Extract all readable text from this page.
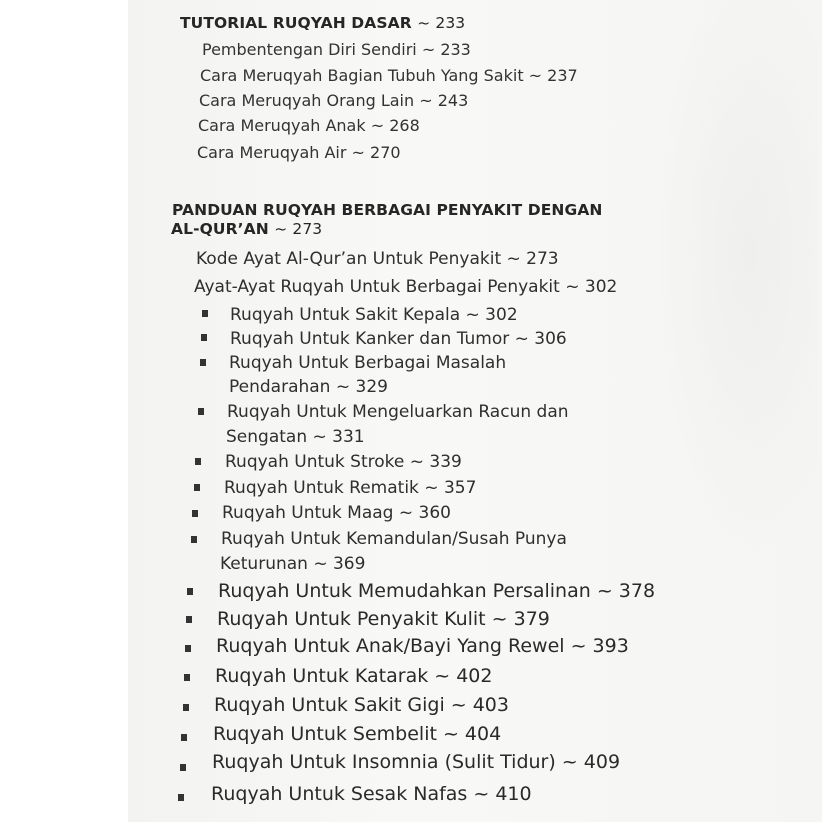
TUTORIAL RUQYAH DASAR ~ 233
Pembentengan Diri Sendiri ~ 233
Cara Meruqyah Bagian Tubuh Yang Sakit ~ 237
Cara Meruqyah Orang Lain ~ 243
Cara Meruqyah Anak ~ 268
Cara Meruqyah Air ~ 270
PANDUAN RUQYAH BERBAGAI PENYAKIT DENGAN
AL-QUR’AN ~ 273
Kode Ayat Al-Qur’an Untuk Penyakit ~ 273
Ayat-Ayat Ruqyah Untuk Berbagai Penyakit ~ 302
Ruqyah Untuk Sakit Kepala ~ 302
Ruqyah Untuk Kanker dan Tumor ~ 306
Ruqyah Untuk Berbagai Masalah
Pendarahan ~ 329
Ruqyah Untuk Mengeluarkan Racun dan
Sengatan ~ 331
Ruqyah Untuk Stroke ~ 339
Ruqyah Untuk Rematik ~ 357
Ruqyah Untuk Maag ~ 360
Ruqyah Untuk Kemandulan/Susah Punya
Keturunan ~ 369
Ruqyah Untuk Memudahkan Persalinan ~ 378
Ruqyah Untuk Penyakit Kulit ~ 379
Ruqyah Untuk Anak/Bayi Yang Rewel ~ 393
Ruqyah Untuk Katarak ~ 402
Ruqyah Untuk Sakit Gigi ~ 403
Ruqyah Untuk Sembelit ~ 404
Ruqyah Untuk Insomnia (Sulit Tidur) ~ 409
Ruqyah Untuk Sesak Nafas ~ 410
